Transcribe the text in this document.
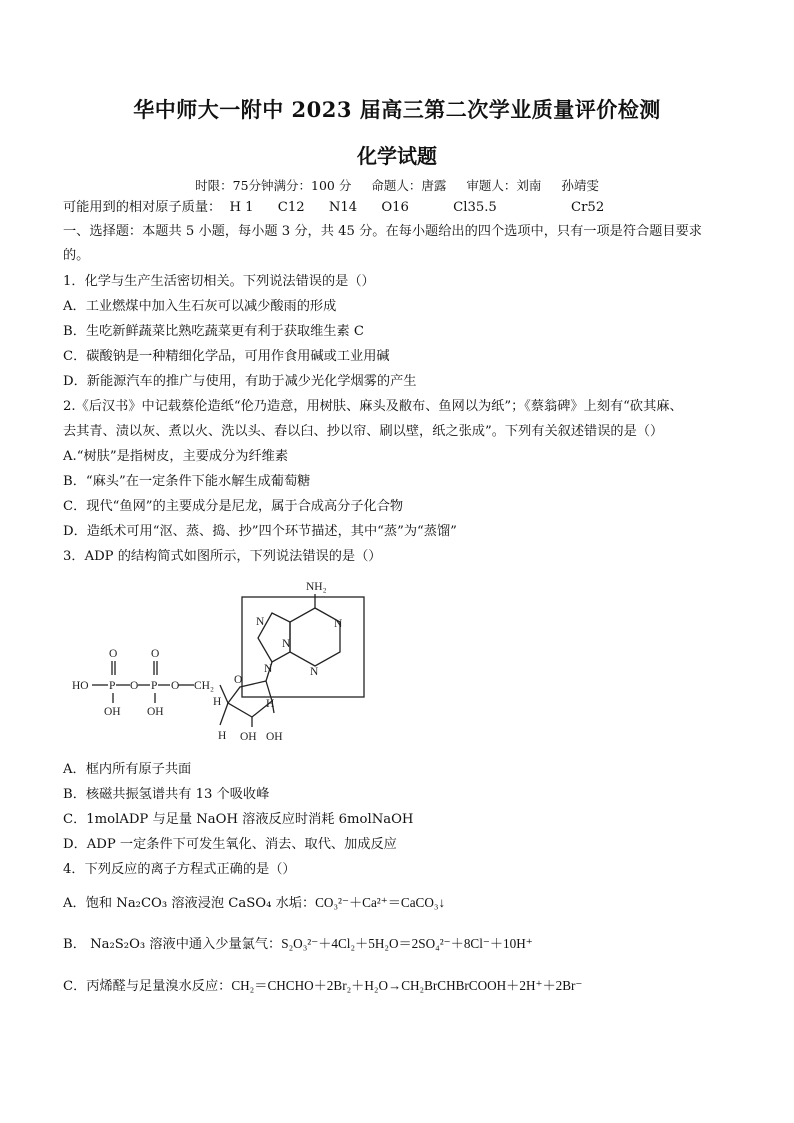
华中师大一附中 2023 届高三第二次学业质量评价检测
化学试题
时限：75分钟满分：100 分 命题人：唐露 审题人：刘南 孙靖雯
可能用到的相对原子质量： H 1 C12 N14 O16	Cl35.5	Cr52
一、选择题：本题共 5 小题，每小题 3 分，共 45 分。在每小题给出的四个选项中，只有一项是符合题目要求
的。
1．化学与生产生活密切相关。下列说法错误的是（）
A．工业燃煤中加入生石灰可以减少酸雨的形成
B．生吃新鲜蔬菜比熟吃蔬菜更有利于获取维生素 C
C．碳酸钠是一种精细化学品，可用作食用碱或工业用碱
D．新能源汽车的推广与使用，有助于减少光化学烟雾的产生
2.《后汉书》中记载蔡伦造纸“伦乃造意，用树肤、麻头及敝布、鱼网以为纸”；《蔡翁碑》上刻有“砍其麻、
去其青、渍以灰、煮以火、洗以头、舂以臼、抄以帘、刷以壁，纸之张成”。下列有关叙述错误的是（）
A.“树肤”是指树皮，主要成分为纤维素
B．“麻头”在一定条件下能水解生成葡萄糖
C．现代“鱼网”的主要成分是尼龙，属于合成高分子化合物
D．造纸术可用“沤、蒸、捣、抄”四个环节描述，其中“蒸”为“蒸馏”
3．ADP 的结构简式如图所示，下列说法错误的是（）
NH₂
N
N
N
N
N
HO P	P
O	O CH₂
O	O
OH OH
O
H OH OH
H	H
A．框内所有原子共面
B．核磁共振氢谱共有 13 个吸收峰
C．1molADP 与足量 NaOH 溶液反应时消耗 6molNaOH
D．ADP 一定条件下可发生氧化、消去、取代、加成反应
4．下列反应的离子方程式正确的是（）
A．饱和 Na₂CO₃ 溶液浸泡 CaSO₄ 水垢：CO₃²⁻＋Ca²⁺＝CaCO₃↓
B． Na₂S₂O₃ 溶液中通入少量氯气：S₂O₃²⁻＋4Cl₂＋5H₂O＝2SO₄²⁻＋8Cl⁻＋10H⁺
C．丙烯醛与足量溴水反应：CH₂＝CHCHO＋2Br₂＋H₂O→CH₂BrCHBrCOOH＋2H⁺＋2Br⁻
